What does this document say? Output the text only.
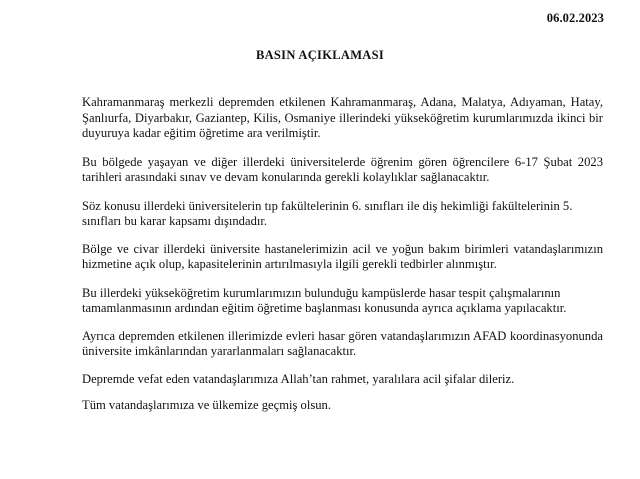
06.02.2023
BASIN AÇIKLAMASI

Kahramanmaraş merkezli depremden etkilenen Kahramanmaraş, Adana, Malatya, Adıyaman, Hatay, Şanlıurfa, Diyarbakır, Gaziantep, Kilis, Osmaniye illerindeki yükseköğretim kurumlarımızda ikinci bir duyuruya kadar eğitim öğretime ara verilmiştir.

Bu bölgede yaşayan ve diğer illerdeki üniversitelerde öğrenim gören öğrencilere 6-17 Şubat 2023 tarihleri arasındaki sınav ve devam konularında gerekli kolaylıklar sağlanacaktır.

Söz konusu illerdeki üniversitelerin tıp fakültelerinin 6. sınıfları ile diş hekimliği fakültelerinin 5. sınıfları bu karar kapsamı dışındadır.

Bölge ve civar illerdeki üniversite hastanelerimizin acil ve yoğun bakım birimleri vatandaşlarımızın hizmetine açık olup, kapasitelerinin artırılmasıyla ilgili gerekli tedbirler alınmıştır.

Bu illerdeki yükseköğretim kurumlarımızın bulunduğu kampüslerde hasar tespit çalışmalarının tamamlanmasının ardından eğitim öğretime başlanması konusunda ayrıca açıklama yapılacaktır.

Ayrıca depremden etkilenen illerimizde evleri hasar gören vatandaşlarımızın AFAD koordinasyonunda üniversite imkânlarından yararlanmaları sağlanacaktır.

Depremde vefat eden vatandaşlarımıza Allah’tan rahmet, yaralılara acil şifalar dileriz.

Tüm vatandaşlarımıza ve ülkemize geçmiş olsun.
